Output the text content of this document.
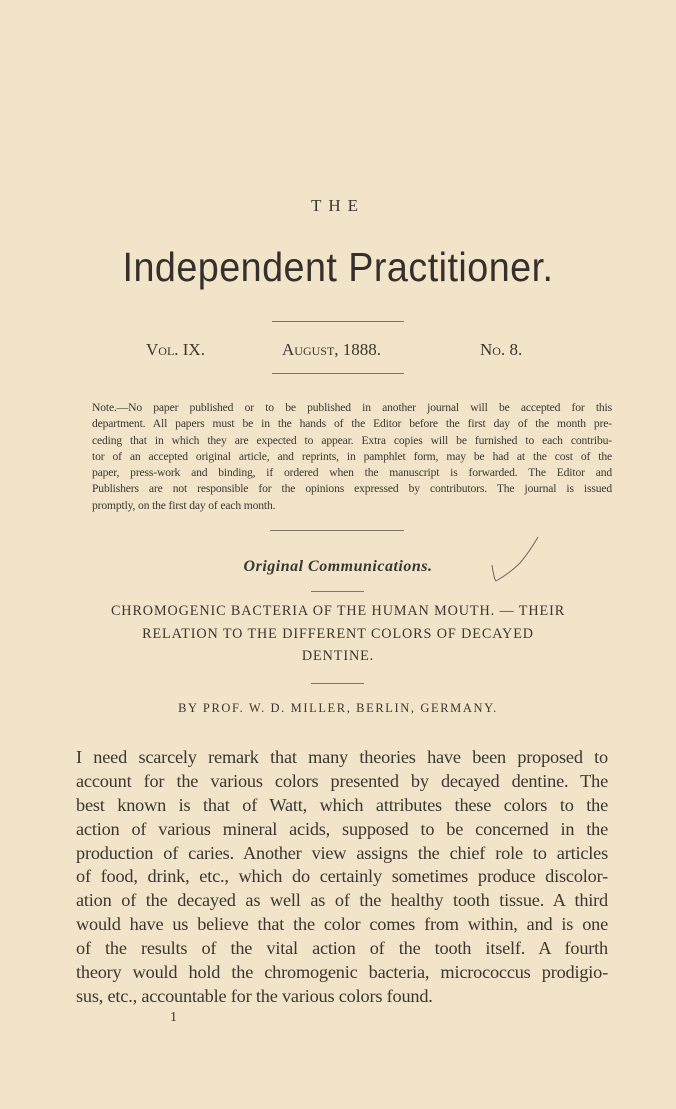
THE
Independent Practitioner.
Vol. IX.	August, 1888.	No. 8.
Note.—No paper published or to be published in another journal will be accepted for this
department. All papers must be in the hands of the Editor before the first day of the month pre-
ceding that in which they are expected to appear. Extra copies will be furnished to each contribu-
tor of an accepted original article, and reprints, in pamphlet form, may be had at the cost of the
paper, press-work and binding, if ordered when the manuscript is forwarded. The Editor and
Publishers are not responsible for the opinions expressed by contributors. The journal is issued
promptly, on the first day of each month.
Original Communications.
CHROMOGENIC BACTERIA OF THE HUMAN MOUTH. — THEIR
RELATION TO THE DIFFERENT COLORS OF DECAYED
DENTINE.
BY PROF. W. D. MILLER, BERLIN, GERMANY.
I need scarcely remark that many theories have been proposed to
account for the various colors presented by decayed dentine. The
best known is that of Watt, which attributes these colors to the
action of various mineral acids, supposed to be concerned in the
production of caries. Another view assigns the chief role to articles
of food, drink, etc., which do certainly sometimes produce discolor-
ation of the decayed as well as of the healthy tooth tissue. A third
would have us believe that the color comes from within, and is one
of the results of the vital action of the tooth itself. A fourth
theory would hold the chromogenic bacteria, micrococcus prodigio-
sus, etc., accountable for the various colors found.
1
